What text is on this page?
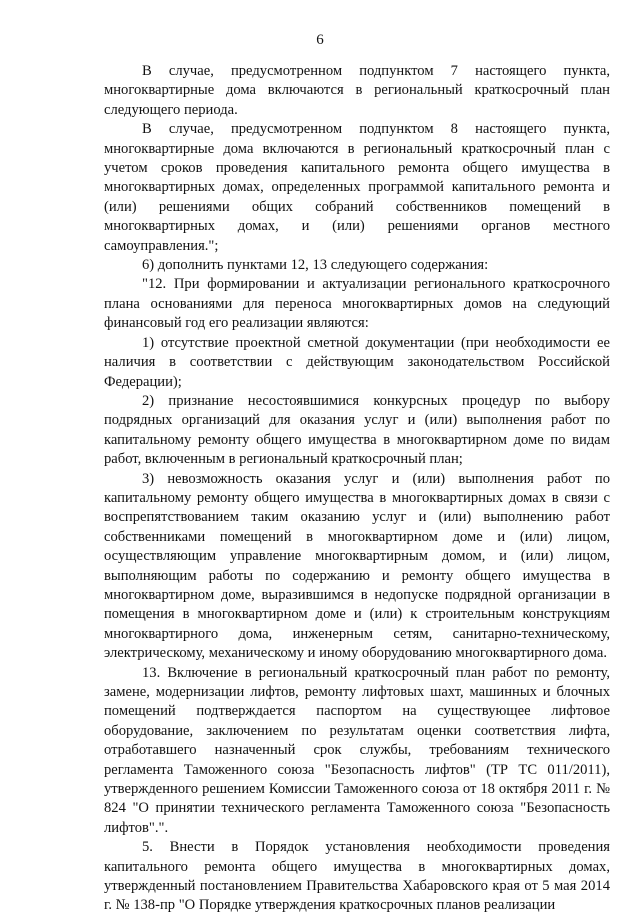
6

В случае, предусмотренном подпунктом 7 настоящего пункта, многоквартирные дома включаются в региональный краткосрочный план следующего периода.

В случае, предусмотренном подпунктом 8 настоящего пункта, многоквартирные дома включаются в региональный краткосрочный план с учетом сроков проведения капитального ремонта общего имущества в многоквартирных домах, определенных программой капитального ремонта и (или) решениями общих собраний собственников помещений в многоквартирных домах, и (или) решениями органов местного самоуправления.";

6) дополнить пунктами 12, 13 следующего содержания:

"12. При формировании и актуализации регионального краткосрочного плана основаниями для переноса многоквартирных домов на следующий финансовый год его реализации являются:

1) отсутствие проектной сметной документации (при необходимости ее наличия в соответствии с действующим законодательством Российской Федерации);

2) признание несостоявшимися конкурсных процедур по выбору подрядных организаций для оказания услуг и (или) выполнения работ по капитальному ремонту общего имущества в многоквартирном доме по видам работ, включенным в региональный краткосрочный план;

3) невозможность оказания услуг и (или) выполнения работ по капитальному ремонту общего имущества в многоквартирных домах в связи с воспрепятствованием таким оказанию услуг и (или) выполнению работ собственниками помещений в многоквартирном доме и (или) лицом, осуществляющим управление многоквартирным домом, и (или) лицом, выполняющим работы по содержанию и ремонту общего имущества в многоквартирном доме, выразившимся в недопуске подрядной организации в помещения в многоквартирном доме и (или) к строительным конструкциям многоквартирного дома, инженерным сетям, санитарно-техническому, электрическому, механическому и иному оборудованию многоквартирного дома.

13. Включение в региональный краткосрочный план работ по ремонту, замене, модернизации лифтов, ремонту лифтовых шахт, машинных и блочных помещений подтверждается паспортом на существующее лифтовое оборудование, заключением по результатам оценки соответствия лифта, отработавшего назначенный срок службы, требованиям технического регламента Таможенного союза "Безопасность лифтов" (ТР ТС 011/2011), утвержденного решением Комиссии Таможенного союза от 18 октября 2011 г. № 824 "О принятии технического регламента Таможенного союза "Безопасность лифтов".".

5. Внести в Порядок установления необходимости проведения капитального ремонта общего имущества в многоквартирных домах, утвержденный постановлением Правительства Хабаровского края от 5 мая 2014 г. № 138-пр "О Порядке утверждения краткосрочных планов реализации
